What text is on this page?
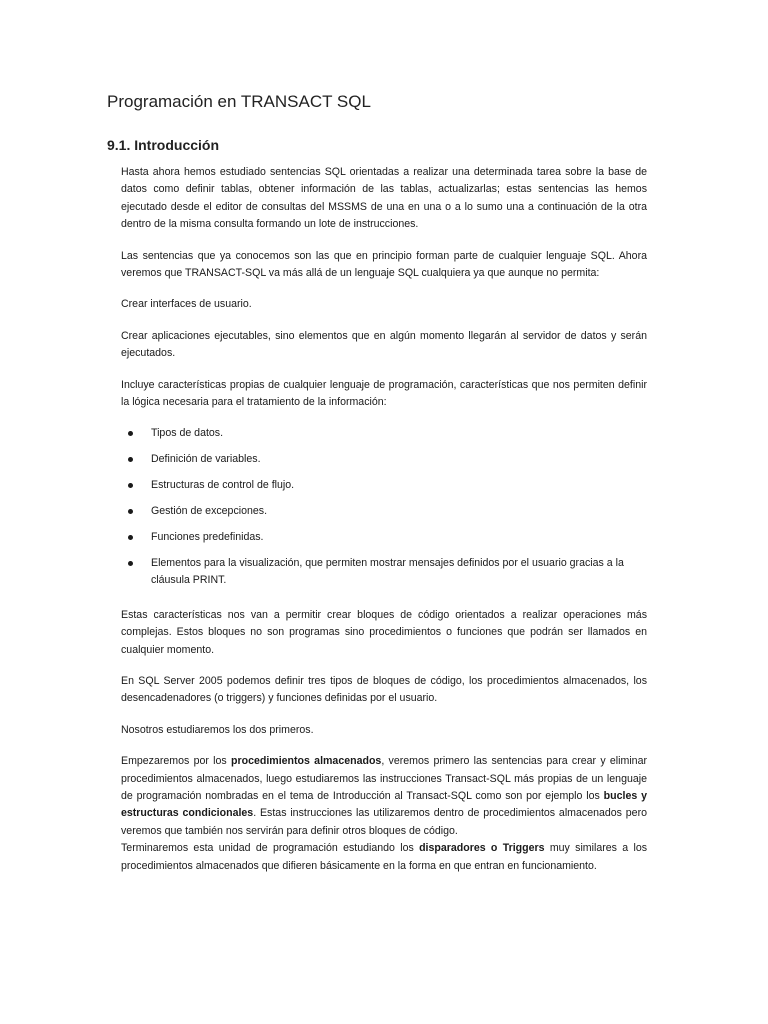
Programación en TRANSACT SQL
9.1. Introducción

Hasta ahora hemos estudiado sentencias SQL orientadas a realizar una determinada tarea sobre la base de datos como definir tablas, obtener información de las tablas, actualizarlas; estas sentencias las hemos ejecutado desde el editor de consultas del MSSMS de una en una o a lo sumo una a continuación de la otra dentro de la misma consulta formando un lote de instrucciones.

Las sentencias que ya conocemos son las que en principio forman parte de cualquier lenguaje SQL. Ahora veremos que TRANSACT-SQL va más allá de un lenguaje SQL cualquiera ya que aunque no permita:

Crear interfaces de usuario.

Crear aplicaciones ejecutables, sino elementos que en algún momento llegarán al servidor de datos y serán ejecutados.

Incluye características propias de cualquier lenguaje de programación, características que nos permiten definir la lógica necesaria para el tratamiento de la información:

Tipos de datos.
Definición de variables.
Estructuras de control de flujo.
Gestión de excepciones.
Funciones predefinidas.
Elementos para la visualización, que permiten mostrar mensajes definidos por el usuario gracias a la cláusula PRINT.

Estas características nos van a permitir crear bloques de código orientados a realizar operaciones más complejas. Estos bloques no son programas sino procedimientos o funciones que podrán ser llamados en cualquier momento.

En SQL Server 2005 podemos definir tres tipos de bloques de código, los procedimientos almacenados, los desencadenadores (o triggers) y funciones definidas por el usuario.

Nosotros estudiaremos los dos primeros.

Empezaremos por los procedimientos almacenados, veremos primero las sentencias para crear y eliminar procedimientos almacenados, luego estudiaremos las instrucciones Transact-SQL más propias de un lenguaje de programación nombradas en el tema de Introducción al Transact-SQL como son por ejemplo los bucles y estructuras condicionales. Estas instrucciones las utilizaremos dentro de procedimientos almacenados pero veremos que también nos servirán para definir otros bloques de código.

Terminaremos esta unidad de programación estudiando los disparadores o Triggers muy similares a los procedimientos almacenados que difieren básicamente en la forma en que entran en funcionamiento.
